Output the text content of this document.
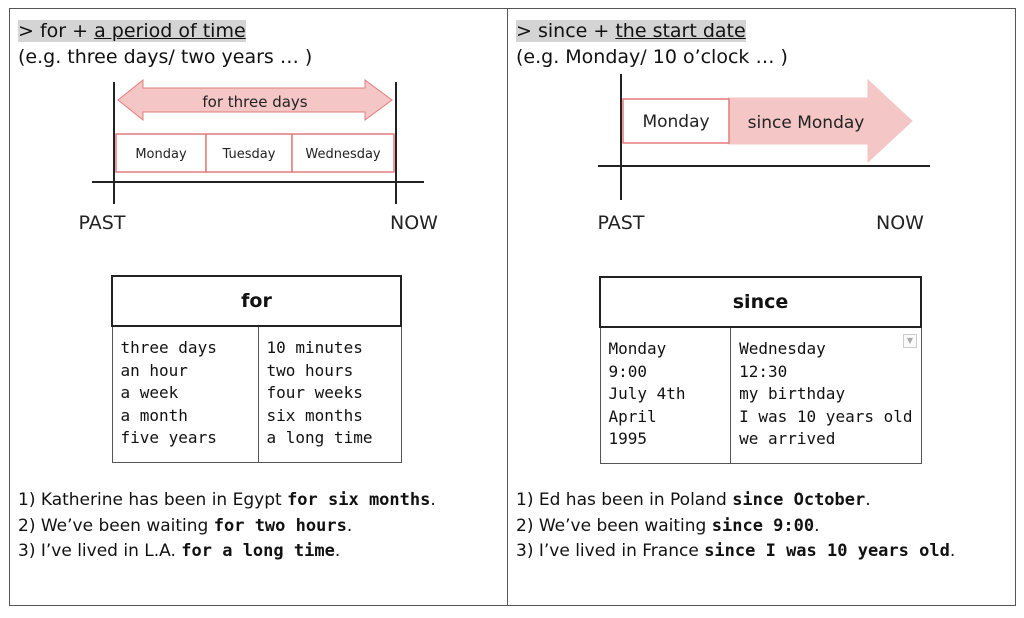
> for + a period of time
(e.g. three days/ two years … )
for three days
Monday	Tuesday Wednesday
PAST	NOW
for

three days
an hour
a week
a month
five years

10 minutes
two hours
four weeks
six months
a long time
1) Katherine has been in Egypt for six months.
2) We’ve been waiting for two hours.
3) I’ve lived in L.A. for a long time.
> since + the start date
(e.g. Monday/ 10 o’clock … )
since Monday
Monday
PAST	NOW
since

Monday
9:00
July 4th
April
1995

Wednesday
12:30
my birthday
I was 10 years old
we arrived
▼
1) Ed has been in Poland since October.
2) We’ve been waiting since 9:00.
3) I’ve lived in France since I was 10 years old.
